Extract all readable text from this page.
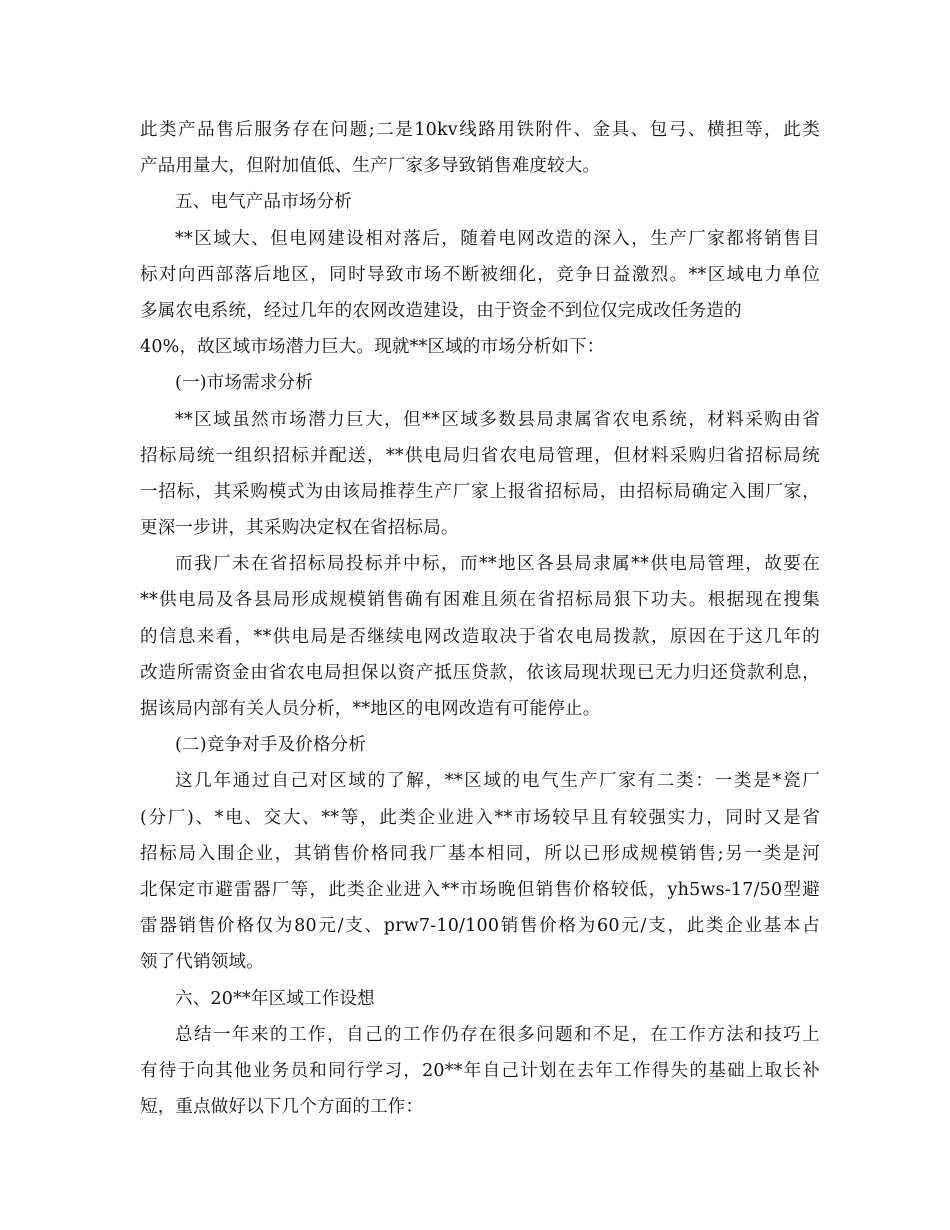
此类产品售后服务存在问题;二是10kv线路用铁附件、金具、包弓、横担等，此类
产品用量大，但附加值低、生产厂家多导致销售难度较大。
五、电气产品市场分析
**区域大、但电网建设相对落后，随着电网改造的深入，生产厂家都将销售目
标对向西部落后地区，同时导致市场不断被细化，竞争日益激烈。**区域电力单位
多属农电系统，经过几年的农网改造建设，由于资金不到位仅完成改任务造的
40%，故区域市场潜力巨大。现就**区域的市场分析如下：
(一)市场需求分析
**区域虽然市场潜力巨大，但**区域多数县局隶属省农电系统，材料采购由省
招标局统一组织招标并配送，**供电局归省农电局管理，但材料采购归省招标局统
一招标，其采购模式为由该局推荐生产厂家上报省招标局，由招标局确定入围厂家，
更深一步讲，其采购决定权在省招标局。
而我厂未在省招标局投标并中标，而**地区各县局隶属**供电局管理，故要在
**供电局及各县局形成规模销售确有困难且须在省招标局狠下功夫。根据现在搜集
的信息来看，**供电局是否继续电网改造取决于省农电局拨款，原因在于这几年的
改造所需资金由省农电局担保以资产抵压贷款，依该局现状现已无力归还贷款利息，
据该局内部有关人员分析，**地区的电网改造有可能停止。
(二)竞争对手及价格分析
这几年通过自己对区域的了解，**区域的电气生产厂家有二类：一类是*瓷厂
(分厂)、*电、交大、**等，此类企业进入**市场较早且有较强实力，同时又是省
招标局入围企业，其销售价格同我厂基本相同，所以已形成规模销售;另一类是河
北保定市避雷器厂等，此类企业进入**市场晚但销售价格较低，yh5ws-17/50型避
雷器销售价格仅为80元/支、prw7-10/100销售价格为60元/支，此类企业基本占
领了代销领域。
六、20**年区域工作设想
总结一年来的工作，自己的工作仍存在很多问题和不足，在工作方法和技巧上
有待于向其他业务员和同行学习，20**年自己计划在去年工作得失的基础上取长补
短，重点做好以下几个方面的工作：
